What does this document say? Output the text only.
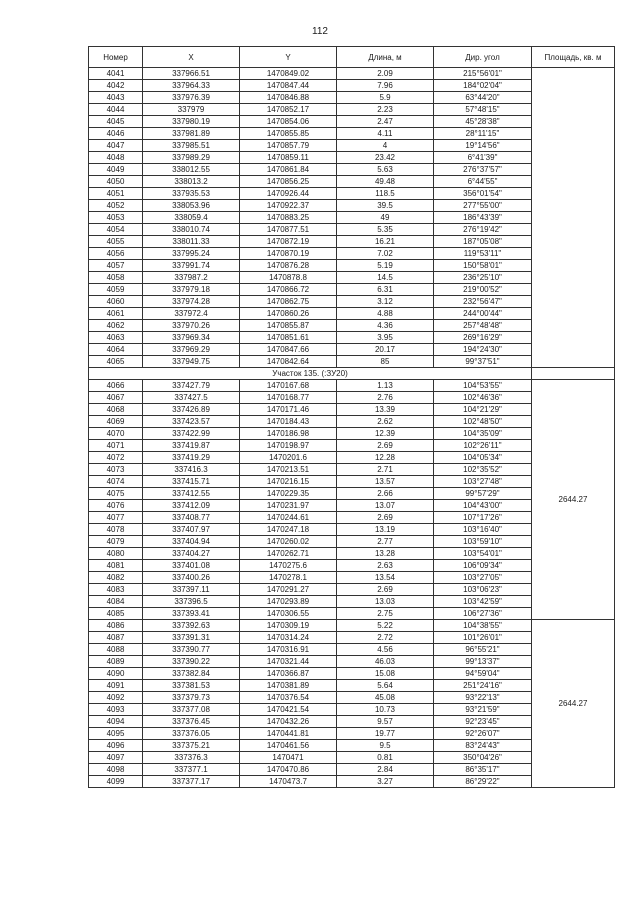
112
Номер	X	Y	Длина, м	Дир. угол	Площадь, кв. м
4041	337966.51	1470849.02	2.09	215°56'01"	
4042	337964.33	1470847.44	7.96	184°02'04"	
4043	337976.39	1470846.88	5.9	63°44'20"	
4044	337979	1470852.17	2.23	57°48'15"	
4045	337980.19	1470854.06	2.47	45°28'38"	
4046	337981.89	1470855.85	4.11	28°11'15"	
4047	337985.51	1470857.79	4	19°14'56"	
4048	337989.29	1470859.11	23.42	6°41'39"	
4049	338012.55	1470861.84	5.63	276°37'57"	
4050	338013.2	1470856.25	49.48	6°44'55"	
4051	337935.53	1470926.44	118.5	356°01'54"	
4052	338053.96	1470922.37	39.5	277°55'00"	
4053	338059.4	1470883.25	49	186°43'39"	
4054	338010.74	1470877.51	5.35	276°19'42"	
4055	338011.33	1470872.19	16.21	187°05'08"	
4056	337995.24	1470870.19	7.02	119°53'11"	
4057	337991.74	1470876.28	5.19	150°58'01"	
4058	337987.2	1470878.8	14.5	236°25'10"	
4059	337979.18	1470866.72	6.31	219°00'52"	
4060	337974.28	1470862.75	3.12	232°56'47"	
4061	337972.4	1470860.26	4.88	244°00'44"	
4062	337970.26	1470855.87	4.36	257°48'48"	
4063	337969.34	1470851.61	3.95	269°16'29"	
4064	337969.29	1470847.66	20.17	194°24'30"	
4065	337949.75	1470842.64	85	99°37'51"	
Участок 135. (:ЗУ20)					
4066	337427.79	1470167.68	1.13	104°53'55"	2644.27
4067	337427.5	1470168.77	2.76	102°46'36"	
4068	337426.89	1470171.46	13.39	104°21'29"	
4069	337423.57	1470184.43	2.62	102°48'50"	
4070	337422.99	1470186.98	12.39	104°35'09"	
4071	337419.87	1470198.97	2.69	102°26'11"	
4072	337419.29	1470201.6	12.28	104°05'34"	
4073	337416.3	1470213.51	2.71	102°35'52"	
4074	337415.71	1470216.15	13.57	103°27'48"	
4075	337412.55	1470229.35	2.66	99°57'29"	
4076	337412.09	1470231.97	13.07	104°43'00"	
4077	337408.77	1470244.61	2.69	107°17'26"	
4078	337407.97	1470247.18	13.19	103°16'40"	
4079	337404.94	1470260.02	2.77	103°59'10"	
4080	337404.27	1470262.71	13.28	103°54'01"	
4081	337401.08	1470275.6	2.63	106°09'34"	
4082	337400.26	1470278.1	13.54	103°27'05"	
4083	337397.11	1470291.27	2.69	103°06'23"	
4084	337396.5	1470293.89	13.03	103°42'59"	
4085	337393.41	1470306.55	2.75	106°27'36"	
4086	337392.63	1470309.19	5.22	104°38'55"	2644.27
4087	337391.31	1470314.24	2.72	101°26'01"	
4088	337390.77	1470316.91	4.56	96°55'21"	
4089	337390.22	1470321.44	46.03	99°13'37"	
4090	337382.84	1470366.87	15.08	94°59'04"	
4091	337381.53	1470381.89	5.64	251°24'16"	
4092	337379.73	1470376.54	45.08	93°22'13"	
4093	337377.08	1470421.54	10.73	93°21'59"	
4094	337376.45	1470432.26	9.57	92°23'45"	
4095	337376.05	1470441.81	19.77	92°26'07"	
4096	337375.21	1470461.56	9.5	83°24'43"	
4097	337376.3	1470471	0.81	350°04'26"	
4098	337377.1	1470470.86	2.84	86°35'17"	
4099	337377.17	1470473.7	3.27	86°29'22"	
